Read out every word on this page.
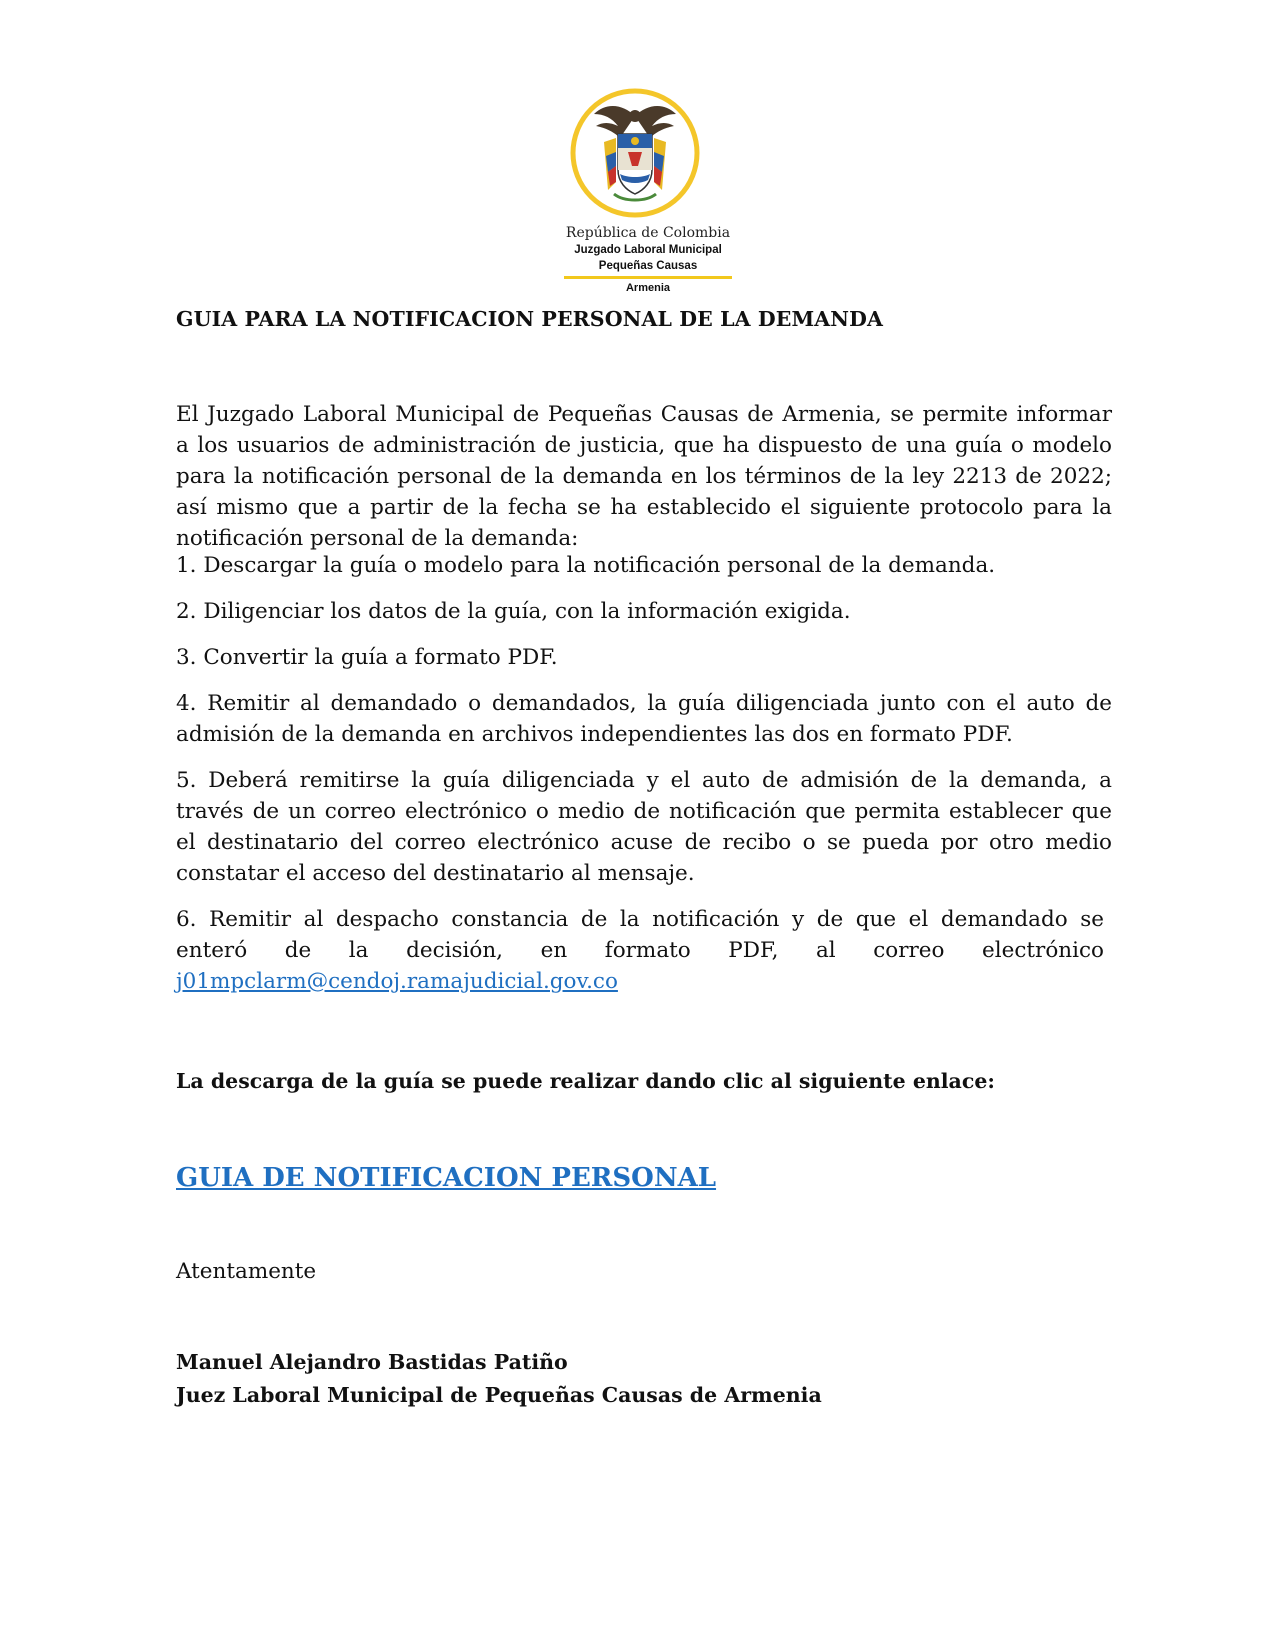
República de Colombia
Juzgado Laboral Municipal
Pequeñas Causas
Armenia
GUIA PARA LA NOTIFICACION PERSONAL DE LA DEMANDA

El Juzgado Laboral Municipal de Pequeñas Causas de Armenia, se permite informar a los usuarios de administración de justicia, que ha dispuesto de una guía o modelo para la notificación personal de la demanda en los términos de la ley 2213 de 2022; así mismo que a partir de la fecha se ha establecido el siguiente protocolo para la notificación personal de la demanda:

1. Descargar la guía o modelo para la notificación personal de la demanda.

2. Diligenciar los datos de la guía, con la información exigida.

3. Convertir la guía a formato PDF.

4. Remitir al demandado o demandados, la guía diligenciada junto con el auto de admisión de la demanda en archivos independientes las dos en formato PDF.

5. Deberá remitirse la guía diligenciada y el auto de admisión de la demanda, a través de un correo electrónico o medio de notificación que permita establecer que el destinatario del correo electrónico acuse de recibo o se pueda por otro medio constatar el acceso del destinatario al mensaje.

6. Remitir al despacho constancia de la notificación y de que el demandado se enteró de la decisión, en formato PDF, al correo electrónico j01mpclarm@cendoj.ramajudicial.gov.co

La descarga de la guía se puede realizar dando clic al siguiente enlace:
GUIA DE NOTIFICACION PERSONAL
Atentamente
Manuel Alejandro Bastidas Patiño
Juez Laboral Municipal de Pequeñas Causas de Armenia
